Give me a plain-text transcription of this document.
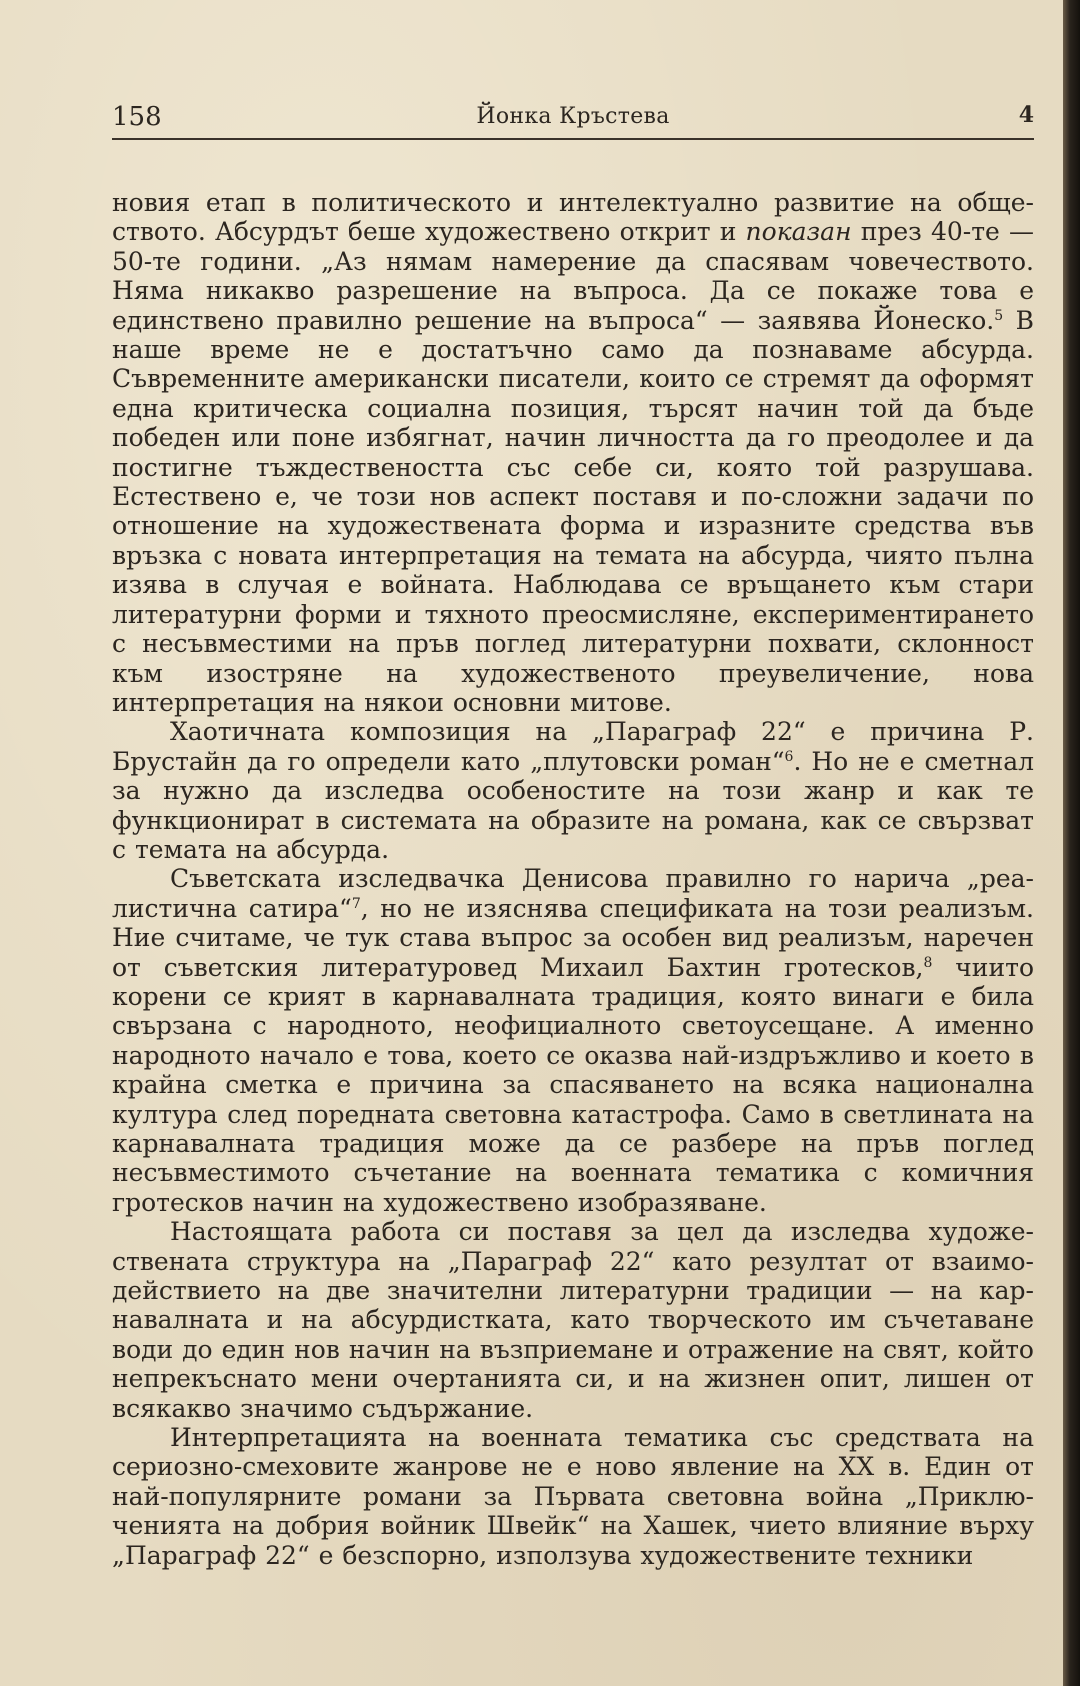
158	Йонка Кръстева	4

новия етап в политическото и интелектуално развитие на обществото. Абсурдът беше художествено открит и показан през 40-те — 50-те години. „Аз нямам намерение да спасявам човечеството. Няма никакво разрешение на въпроса. Да се покаже това е единствено правилно решение на въпроса“ — заявява Йонеско.$^5$ В наше време не е достатъчно само да познаваме абсурда. Съвременните американски писатели, които се стремят да оформят една критическа социална позиция, търсят начин той да бъде победен или поне избягнат, начин личността да го преодолее и да постигне тъждествеността със себе си, която той разрушава. Естествено е, че този нов аспект поставя и по-сложни задачи по отношение на художествената форма и изразните средства във връзка с новата интерпретация на темата на абсурда, чиято пълна изява в случая е войната. Наблюдава се връщането към стари литературни форми и тяхното преосмисляне, експериментирането с несъвместими на пръв поглед литературни похвати, склонност към изостряне на художественото преувеличение, нова интерпретация на някои основни митове.

Хаотичната композиция на „Параграф 22“ е причина Р. Брустайн да го определи като „плутовски роман“$^6$. Но не е сметнал за нужно да изследва особеностите на този жанр и как те функционират в системата на образите на романа, как се свързват с темата на абсурда.

Съветската изследвачка Денисова правилно го нарича „реалистична сатира“$^7$, но не изяснява спецификата на този реализъм. Ние считаме, че тук става въпрос за особен вид реализъм, наречен от съветския литературовед Михаил Бахтин гротесков,$^8$ чиито корени се крият в карнавалната традиция, която винаги е била свързана с народното, неофициалното светоусещане. А именно народното начало е това, което се оказва най-издръжливо и което в крайна сметка е причина за спасяването на всяка национална култура след поредната световна катастрофа. Само в светлината на карнавалната традиция може да се разбере на пръв поглед несъвместимото съчетание на военната тематика с комичния гротесков начин на художествено изобразяване.

Настоящата работа си поставя за цел да изследва художествената структура на „Параграф 22“ като резултат от взаимодействието на две значителни литературни традиции — на карнавалната и на абсурдистката, като творческото им съчетаване води до един нов начин на възприемане и отражение на свят, който непрекъснато мени очертанията си, и на жизнен опит, лишен от всякакво значимо съдържание.

Интерпретацията на военната тематика със средствата на сериозно-смеховите жанрове не е ново явление на XX в. Един от най-популярните романи за Първата световна война „Приключенията на добрия войник Швейк“ на Хашек, чието влияние върху „Параграф 22“ е безспорно, използува художествените техники
